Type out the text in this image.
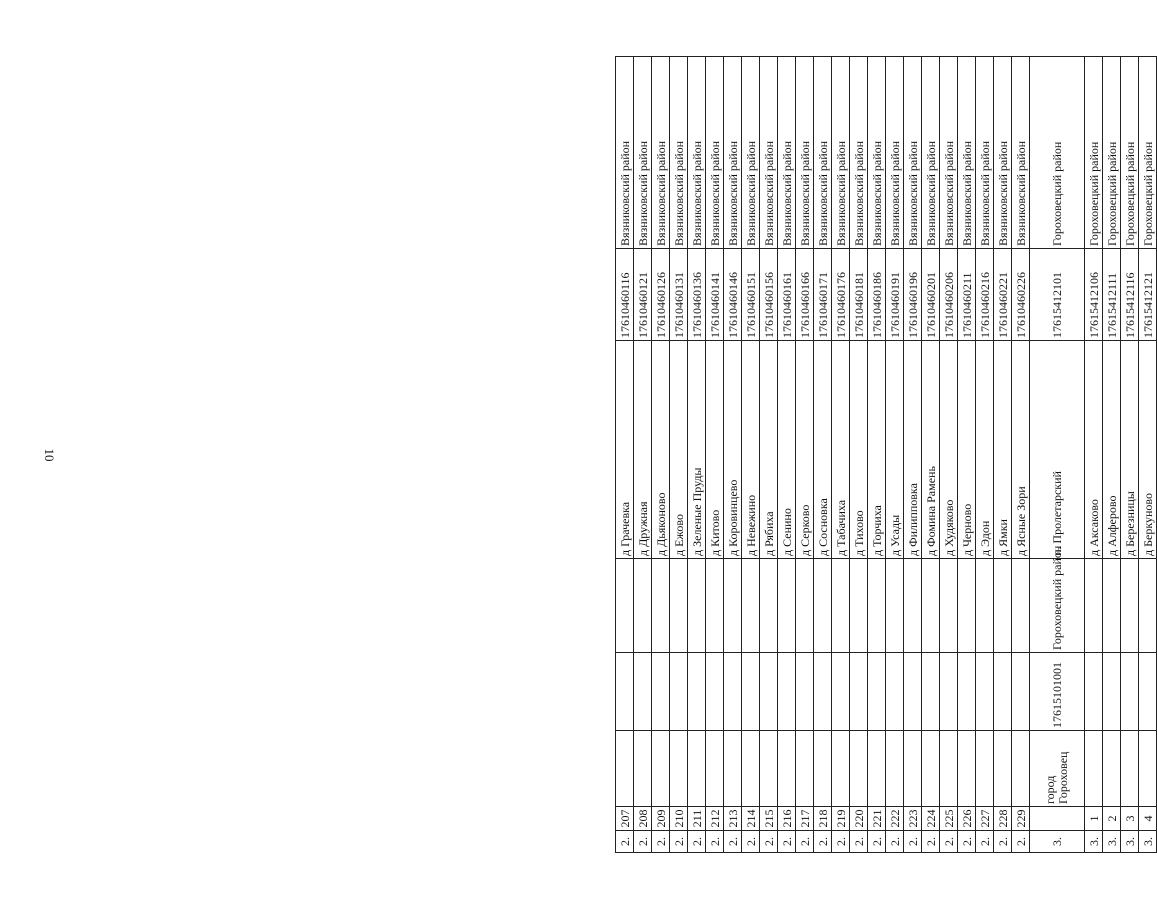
10
2.	207				д Грачевка	17610460116	Вязниковский район
2.	208				д Дружная	17610460121	Вязниковский район
2.	209				д Дьяконово	17610460126	Вязниковский район
2.	210				д Ежово	17610460131	Вязниковский район
2.	211				д Зеленые Пруды	17610460136	Вязниковский район
2.	212				д Китово	17610460141	Вязниковский район
2.	213				д Коровинцево	17610460146	Вязниковский район
2.	214				д Невежино	17610460151	Вязниковский район
2.	215				д Рябиха	17610460156	Вязниковский район
2.	216				д Сенино	17610460161	Вязниковский район
2.	217				д Серково	17610460166	Вязниковский район
2.	218				д Сосновка	17610460171	Вязниковский район
2.	219				д Табачиха	17610460176	Вязниковский район
2.	220				д Тихово	17610460181	Вязниковский район
2.	221				д Торчиха	17610460186	Вязниковский район
2.	222				д Усады	17610460191	Вязниковский район
2.	223				д Филипповка	17610460196	Вязниковский район
2.	224				д Фомина Рамень	17610460201	Вязниковский район
2.	225				д Худяково	17610460206	Вязниковский район
2.	226				д Черново	17610460211	Вязниковский район
2.	227				д Эдон	17610460216	Вязниковский район
2.	228				д Ямки	17610460221	Вязниковский район
2.	229				д Ясные Зори	17610460226	Вязниковский район
3.		город Гороховец	17615101001	Гороховецкий район	п. Пролетарский	17615412101	Гороховецкий район
3.	1				д Аксаково	17615412106	Гороховецкий район
3.	2				д Алферово	17615412111	Гороховецкий район
3.	3				д Березницы	17615412116	Гороховецкий район
3.	4				д Беркуново	17615412121	Гороховецкий район
